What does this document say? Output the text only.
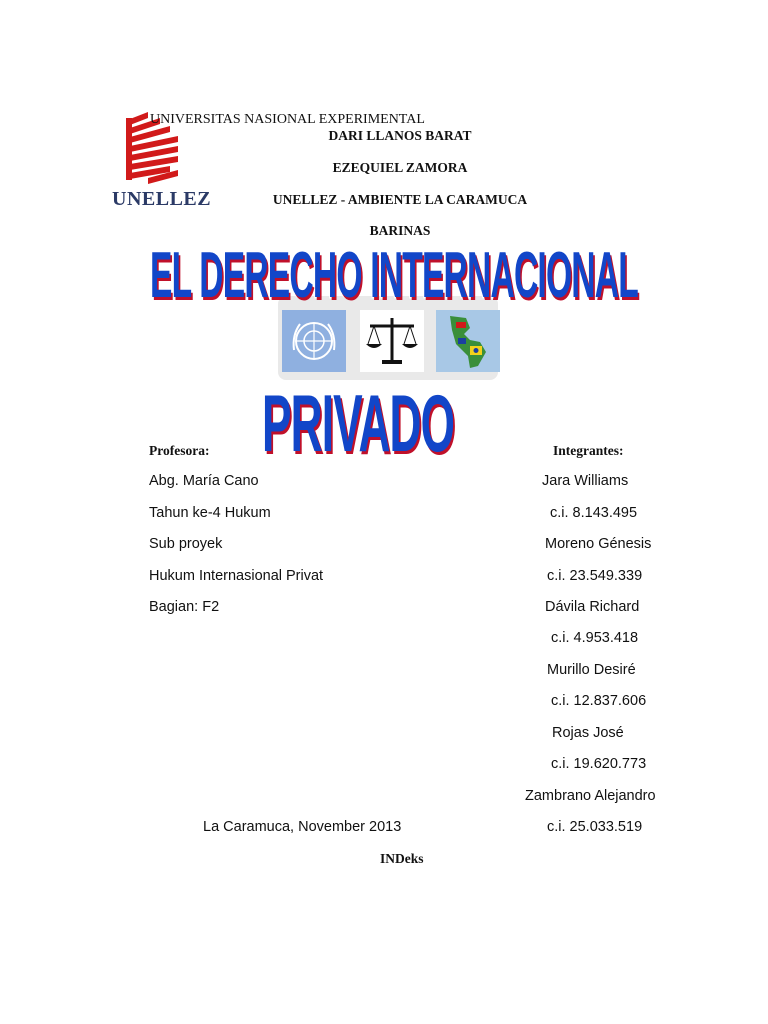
UNELLEZ
UNIVERSITAS NASIONAL EXPERIMENTAL
DARI LLANOS BARAT
EZEQUIEL ZAMORA
UNELLEZ - AMBIENTE LA CARAMUCA
BARINAS
EL DERECHO INTERNACIONAL
PRIVADO
Profesora:	Integrantes:
Abg. María Cano
Tahun ke-4 Hukum
Sub proyek
Hukum Internasional Privat
Bagian: F2
Jara Williams
c.i. 8.143.495
Moreno Génesis
c.i. 23.549.339
Dávila Richard
c.i. 4.953.418
Murillo Desiré
c.i. 12.837.606
Rojas José
c.i. 19.620.773
Zambrano Alejandro
c.i. 25.033.519
La Caramuca, November 2013
INDeks
